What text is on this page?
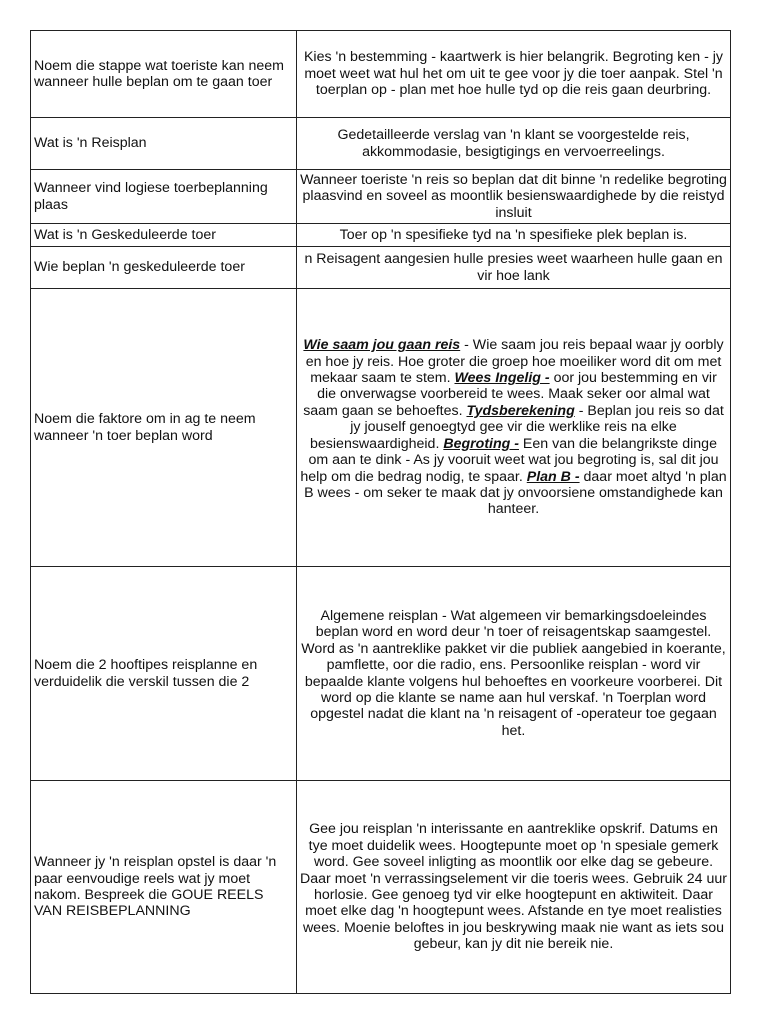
Noem die stappe wat toeriste kan neem wanneer hulle beplan om te gaan toer	Kies 'n bestemming - kaartwerk is hier belangrik. Begroting ken - jy moet weet wat hul het om uit te gee voor jy die toer aanpak. Stel 'n toerplan op - plan met hoe hulle tyd op die reis gaan deurbring.
Wat is 'n Reisplan	Gedetailleerde verslag van 'n klant se voorgestelde reis, akkommodasie, besigtigings en vervoerreelings.
Wanneer vind logiese toerbeplanning plaas	Wanneer toeriste 'n reis so beplan dat dit binne 'n redelike begroting plaasvind en soveel as moontlik besienswaardighede by die reistyd insluit
Wat is 'n Geskeduleerde toer	Toer op 'n spesifieke tyd na 'n spesifieke plek beplan is.
Wie beplan 'n geskeduleerde toer	n Reisagent aangesien hulle presies weet waarheen hulle gaan en vir hoe lank
Noem die faktore om in ag te neem wanneer 'n toer beplan word	Wie saam jou gaan reis - Wie saam jou reis bepaal waar jy oorbly en hoe jy reis. Hoe groter die groep hoe moeiliker word dit om met mekaar saam te stem. Wees Ingelig - oor jou bestemming en vir die onverwagse voorbereid te wees. Maak seker oor almal wat saam gaan se behoeftes. Tydsberekening - Beplan jou reis so dat jy jouself genoegtyd gee vir die werklike reis na elke besienswaardigheid. Begroting - Een van die belangrikste dinge om aan te dink - As jy vooruit weet wat jou begroting is, sal dit jou help om die bedrag nodig, te spaar. Plan B - daar moet altyd 'n plan B wees - om seker te maak dat jy onvoorsiene omstandighede kan hanteer.
Noem die 2 hooftipes reisplanne en verduidelik die verskil tussen die 2	Algemene reisplan - Wat algemeen vir bemarkingsdoeleindes beplan word en word deur 'n toer of reisagentskap saamgestel. Word as 'n aantreklike pakket vir die publiek aangebied in koerante, pamflette, oor die radio, ens. Persoonlike reisplan - word vir bepaalde klante volgens hul behoeftes en voorkeure voorberei. Dit word op die klante se name aan hul verskaf. 'n Toerplan word opgestel nadat die klant na 'n reisagent of -operateur toe gegaan het.
Wanneer jy 'n reisplan opstel is daar 'n paar eenvoudige reels wat jy moet nakom. Bespreek die GOUE REELS VAN REISBEPLANNING	Gee jou reisplan 'n interissante en aantreklike opskrif. Datums en tye moet duidelik wees. Hoogtepunte moet op 'n spesiale gemerk word. Gee soveel inligting as moontlik oor elke dag se gebeure. Daar moet 'n verrassingselement vir die toeris wees. Gebruik 24 uur horlosie. Gee genoeg tyd vir elke hoogtepunt en aktiwiteit. Daar moet elke dag 'n hoogtepunt wees. Afstande en tye moet realisties wees. Moenie beloftes in jou beskrywing maak nie want as iets sou gebeur, kan jy dit nie bereik nie.
